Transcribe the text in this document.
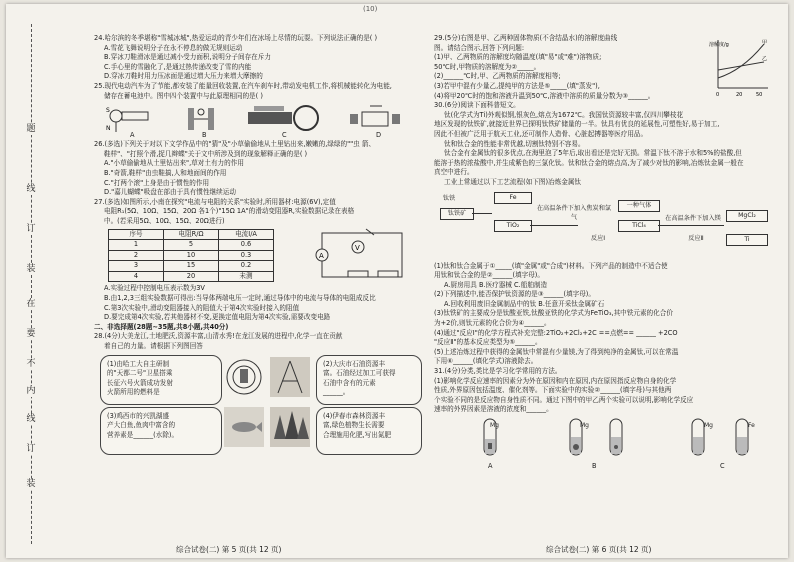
(10)
题
线
订
装
在
要
不
内
线
订
装
24.哈尔滨的冬季堪称"雪城冰城",热爱运动的青少年们在冰场上尽情的玩耍。下列说法正确的是( )
A.雪花飞舞说明分子在永不停息的做无规则运动
B.穿冰刀鞋滑冰是通过减小受力面积,说明分子间存在斥力
C.手心里的雪融化了,是通过热传递改变了雪的内能
D.穿冰刀鞋时用力压冰面是通过增大压力来增大摩擦的
25.现代电动汽车为了节能,都安装了能量回收装置,在汽车刹车时,带动发电机工作,将机械能转化为电能,
储存在蓄电池中。图中四个装置中与此原理相同的是( )
N
S
A	B	C	D
26.(多选)下列关于对以下文学作品中的"猜"及"小草偷偷地从土里钻出来,嫩嫩的,绿绿的""虫 箭、
鞋样"、"打照个滑,捉几辫蝶"关于文中所涉及到的现象解释正确的是( )
A."小草偷偷地从土里钻出来",草对土有力的作用
B."奇箭,鞋样"由虫鞋搞,人和地面间的作用
C."打两个滚"上身是由于惯性的作用
D."嘉儿蝴蝶"吸盘在部由于具有惯性继续运动
27.(多选)如图所示,小南在探究"电流与电阻的关系"实验时,所用器材:电源(6V),定值
电阻R₁(5Ω、10Ω、15Ω、20Ω 各1个)"15Ω 1A"的滑动变阻器R,实验数据记录在表格
中。(若采用5Ω、10Ω、15Ω、20Ω进行)
序号	电阻R/Ω	电流I/A
1	5	0.6
2	10	0.3
3	15	0.2
4	20	未测
A
V
A.实验过程中控制电压表示数为3V
B.由1,2,3三组实验数据可得出:当导体两端电压一定时,通过导体中的电流与导体的电阻成反比
C.第3次实验中,滑动变阻器接入的阻值大于第4次实验时接入的阻值
D.要完成第4次实验,若其他器材不变,更换定值电阻为第4次实验,需要改变电路
二、非选择题(28题~35题,共8小题,共40分)
28.(4分)大美龙江,土地肥沃,资源丰富,山清水秀!在龙江发展的进程中,化学一直在贡献
着自己的力量。请根据下列图回答
(1)由哈工大自主研制
的"天都二号"卫星搭乘
长征六号火箭成功发射
火箭所用的燃料是
(2)大庆市石油资源丰
富。石油经过加工可获得
石油中含有的元素
______。
(3)鸡西市的兴凯湖盛
产大白鱼,鱼肉中富含的
营养素是______(水除)。
(4)伊春市森林资源丰
富,绿色植物生长需要
合理施用化肥,写出氮肥
29.(5分)右图是甲、乙两种固体物质(不含结晶水)的溶解度曲线
图。请结合图示,回答下列问题:
(1)甲、乙两物质的溶解度均随温度(填"易"或"难")溶物质;
50℃时,甲物质的溶解度为②_____。
(2)______℃时,甲、乙两物质的溶解度相等;
(3)若甲中混有少量乙,提纯甲的方法是⑤_____(填"蒸发"),
(4)将甲20℃时的饱和溶液升温到50℃,溶液中溶质的质量分数为③______。
溶解度/g
0	20	50
甲
乙
30.(6分)阅读下面科普短文。
钛(化学式为Ti)外观似钢,银灰色,熔点为1672℃。我国钛资源较丰富,仅四川攀枝花
地区发现的钛铁矿,就接近世界已探明钛铁矿储量的一半。钛具有优良的延展性,可塑性好,易于加工,
因此不但被广泛用于航天工业,还可制作人造骨、心脏起搏器等医疗用品。
钛和钛合金的性能非常优越,切割钛特别不容易。
钛合金有金属钛的很多优点,在海里泡了5年后,取出看还是完好无损。常温下钛不溶于水和5%的盐酸,但
能溶于热的浓盐酸中,并生成紫色的三氯化钛。钛和钛合金的熔点高,为了减少对钛的影响,冶炼钛金属一般在
真空中进行。
工业上常通过以下工艺流程(如下图)冶炼金属钛
钛铁矿
Fe
TiO₂
在高温条件下加入焦炭和氯气
反应Ⅰ
一种气体
TiCl₄
在高温条件下加入镁
反应Ⅱ
MgCl₂
Ti
钛铁
(1)钛和钛合金属于①_____(填"金属"或"合成")材料。下列产品的制造中不适合使
用钛和钛合金的是②______(填字母)。
A.厨房用具 B.医疗器械 C.船舶制造
(2)下列描述中,能否保护钛资源的是③______(填字母)。
A.回收利用废旧金属制品中的钛 B.任意开采钛金属矿石
(3)钛铁矿的主要成分是钛酸亚铁,钛酸亚铁的化学式为FeTiO₃,其中铁元素的化合价
为+2价,则钛元素的化合价为④______。
(4)通过"反应Ⅰ"的化学方程式补充完整:2TiO₂+2Cl₂+2C ==点燃== ______ +2CO
"反应Ⅱ"的基本反应类型为⑤______。
(5)上述冶炼过程中获得的金属钛中常混有少量镁,为了得到纯净的金属钛,可以在常温
下用⑥______(填化学式)溶液除去。
31.(4分)分类,类比是学习化学常用的方法。
(1)影响化学反应速率的因素分为外在原因和内在原因,内在原因指反应物自身的化学
性质,外界原因包括温度、催化剂等。下面实验中的实验②______(填字母)与其他两
个实验不同的是反应物自身性质不同。通过下图中的甲乙两个实验可以说明,影响化学反应
速率的外界因素是溶液的浓度和______。
Mg	Mg	Mg	Fe
A	B	C
综合试卷(二) 第 5 页(共 12 页)	综合试卷(二) 第 6 页(共 12 页)
